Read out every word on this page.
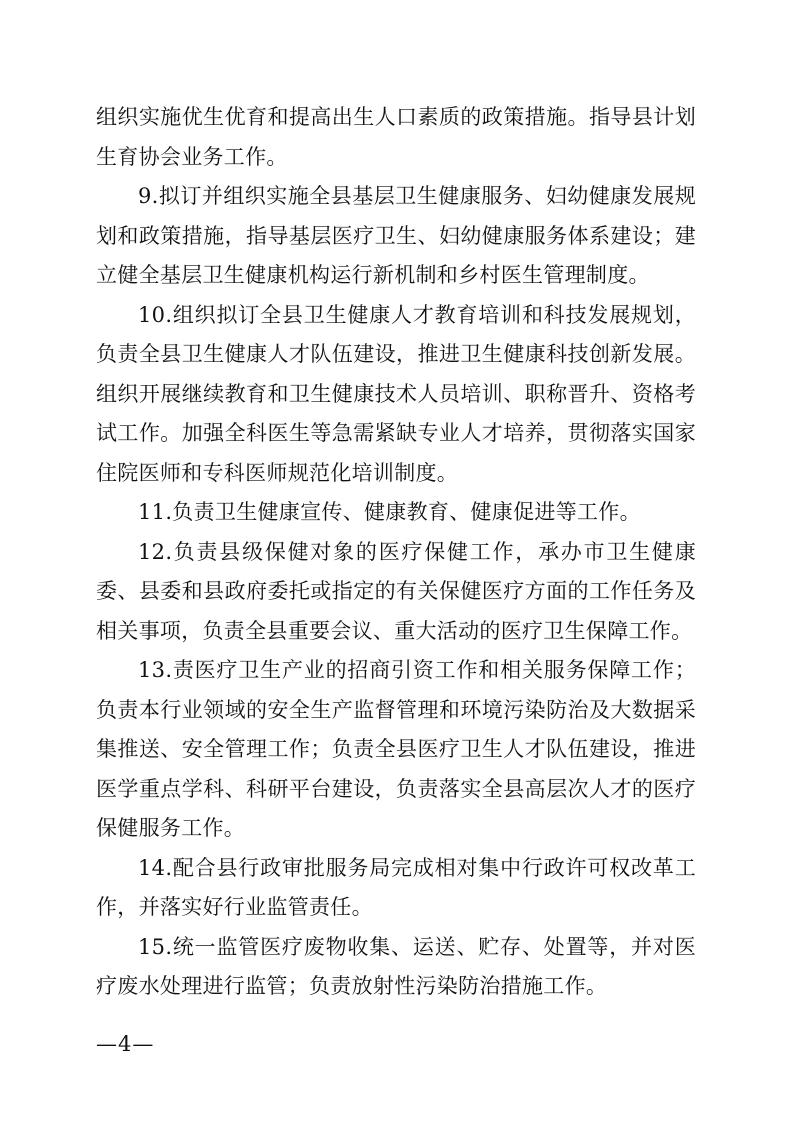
组织实施优生优育和提高出生人口素质的政策措施。指导县计划生育协会业务工作。

9.拟订并组织实施全县基层卫生健康服务、妇幼健康发展规划和政策措施，指导基层医疗卫生、妇幼健康服务体系建设；建立健全基层卫生健康机构运行新机制和乡村医生管理制度。

10.组织拟订全县卫生健康人才教育培训和科技发展规划，负责全县卫生健康人才队伍建设，推进卫生健康科技创新发展。组织开展继续教育和卫生健康技术人员培训、职称晋升、资格考试工作。加强全科医生等急需紧缺专业人才培养，贯彻落实国家住院医师和专科医师规范化培训制度。

11.负责卫生健康宣传、健康教育、健康促进等工作。

12.负责县级保健对象的医疗保健工作，承办市卫生健康委、县委和县政府委托或指定的有关保健医疗方面的工作任务及相关事项，负责全县重要会议、重大活动的医疗卫生保障工作。

13.责医疗卫生产业的招商引资工作和相关服务保障工作；负责本行业领域的安全生产监督管理和环境污染防治及大数据采集推送、安全管理工作；负责全县医疗卫生人才队伍建设，推进医学重点学科、科研平台建设，负责落实全县高层次人才的医疗保健服务工作。

14.配合县行政审批服务局完成相对集中行政许可权改革工作，并落实好行业监管责任。

15.统一监管医疗废物收集、运送、贮存、处置等，并对医疗废水处理进行监管；负责放射性污染防治措施工作。

—4—
